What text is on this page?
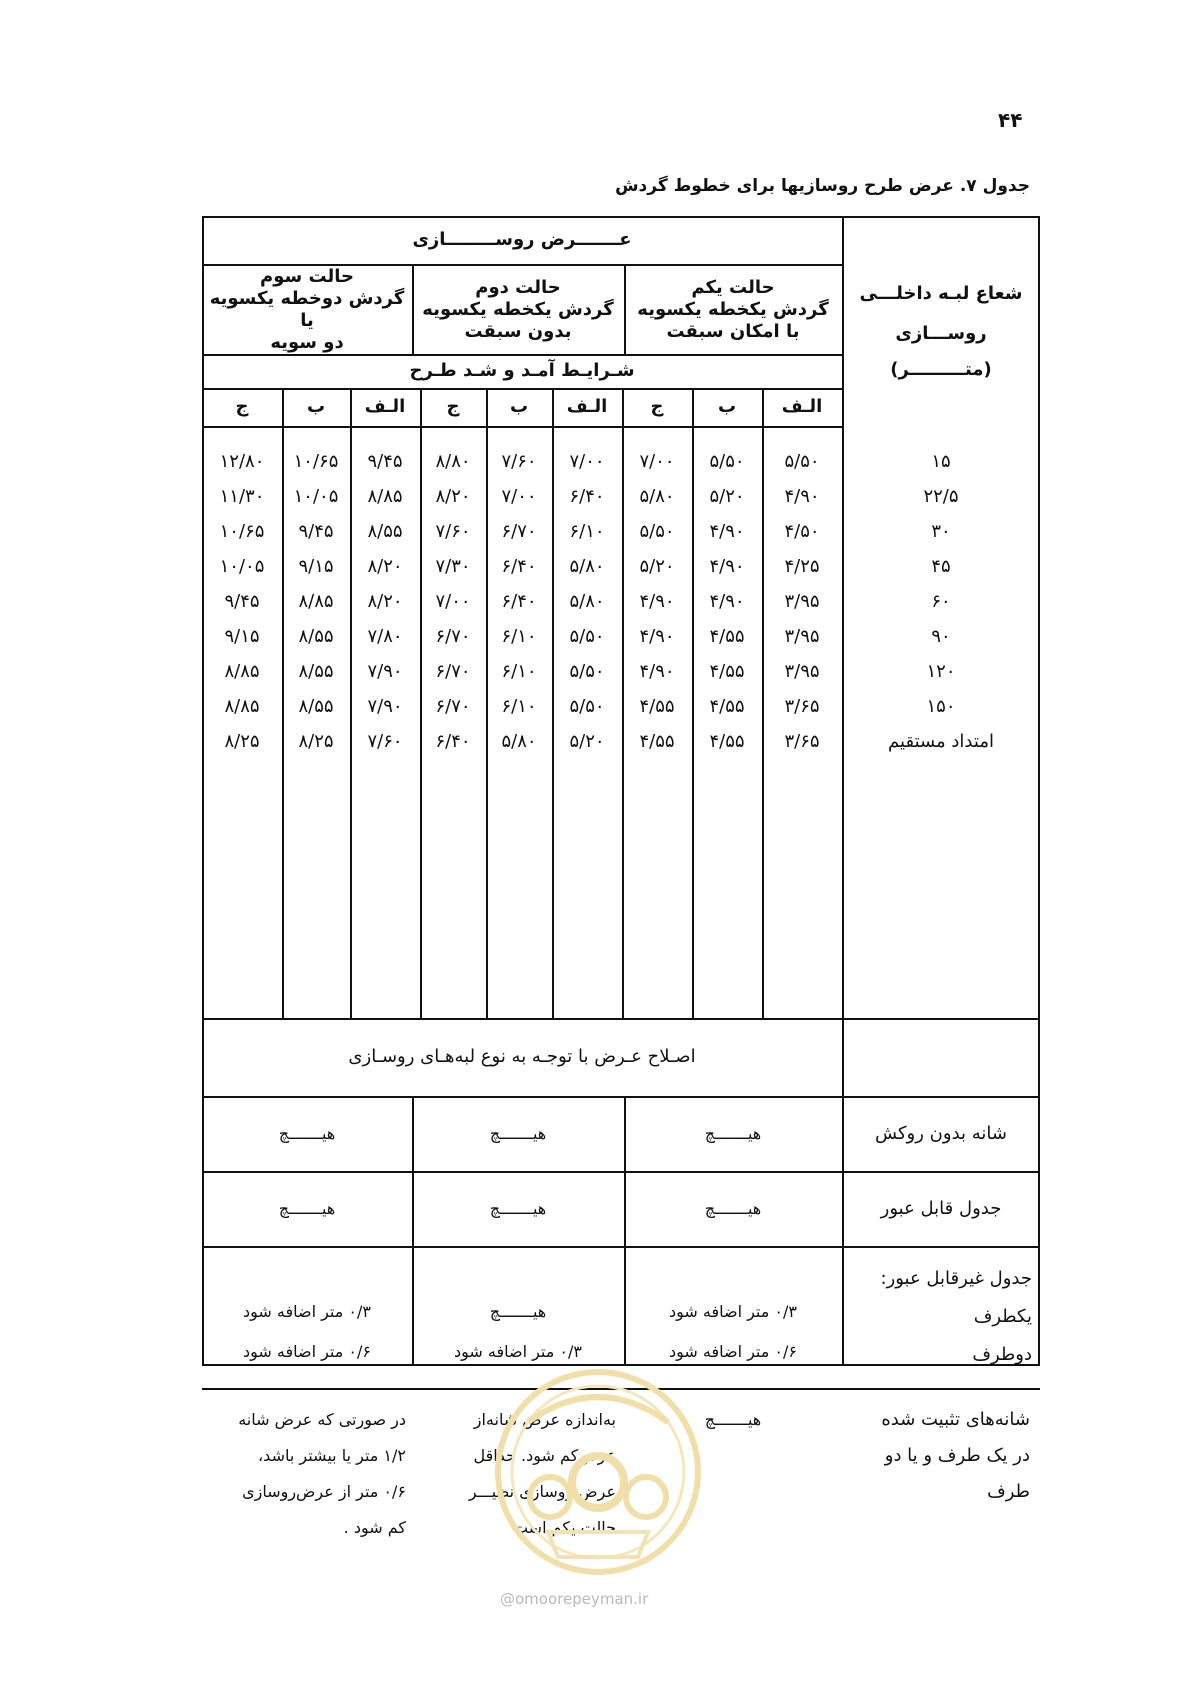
۴۴
جدول ۷. عرض طرح روسازیها برای خطوط گردش
عـــــــرض روســــــــازی
شعاع لبـه داخلـــی
روســـازی
(متـــــــــر)
حالت یکم
گردش یکخطه یکسویه
با امکان سبقت
حالت دوم
گردش یکخطه یکسویه
بدون سبقت
حالت سوم
گردش دوخطه یکسویه یا
دو سویه
شـرایـط آمـد و شـد طـرح
الـف
ب
ج
الـف
ب
ج
الـف
ب
ج
۱۵
۵/۵۰
۵/۵۰
۷/۰۰
۷/۰۰
۷/۶۰
۸/۸۰
۹/۴۵
۱۰/۶۵
۱۲/۸۰
۲۲/۵
۴/۹۰
۵/۲۰
۵/۸۰
۶/۴۰
۷/۰۰
۸/۲۰
۸/۸۵
۱۰/۰۵
۱۱/۳۰
۳۰
۴/۵۰
۴/۹۰
۵/۵۰
۶/۱۰
۶/۷۰
۷/۶۰
۸/۵۵
۹/۴۵
۱۰/۶۵
۴۵
۴/۲۵
۴/۹۰
۵/۲۰
۵/۸۰
۶/۴۰
۷/۳۰
۸/۲۰
۹/۱۵
۱۰/۰۵
۶۰
۳/۹۵
۴/۹۰
۴/۹۰
۵/۸۰
۶/۴۰
۷/۰۰
۸/۲۰
۸/۸۵
۹/۴۵
۹۰
۳/۹۵
۴/۵۵
۴/۹۰
۵/۵۰
۶/۱۰
۶/۷۰
۷/۸۰
۸/۵۵
۹/۱۵
۱۲۰
۳/۹۵
۴/۵۵
۴/۹۰
۵/۵۰
۶/۱۰
۶/۷۰
۷/۹۰
۸/۵۵
۸/۸۵
۱۵۰
۳/۶۵
۴/۵۵
۴/۵۵
۵/۵۰
۶/۱۰
۶/۷۰
۷/۹۰
۸/۵۵
۸/۸۵
امتداد مستقیم
۳/۶۵
۴/۵۵
۴/۵۵
۵/۲۰
۵/۸۰
۶/۴۰
۷/۶۰
۸/۲۵
۸/۲۵
اصـلاح عـرض با توجـه به نوع لبه‌هـای روسـازی
شانه بدون روکش
هیـــــــچ
هیـــــــچ
هیـــــــچ
جدول قابل عبور
هیـــــــچ
هیـــــــچ
هیـــــــچ
جدول غیرقابل عبور:
یکطرف
دوطرف
۰/۳ متر اضافه شود
۰/۶ متر اضافه شود
هیـــــــچ
۰/۳ متر اضافه شود
۰/۳ متر اضافه شود
۰/۶ متر اضافه شود
شانه‌های تثبیت شده
در یک طرف و یا دو
طرف
هیـــــــچ
به‌اندازه عرض شانه‌از
عرض‌کم شود. حداقل
عرض روسازی نظیـــر
حالت یکم است
در صورتی که عرض شانه
۱/۲ متر یا بیشتر باشد،
۰/۶ متر از عرض‌روسازی
کم شود .
@omoorepeyman.ir
